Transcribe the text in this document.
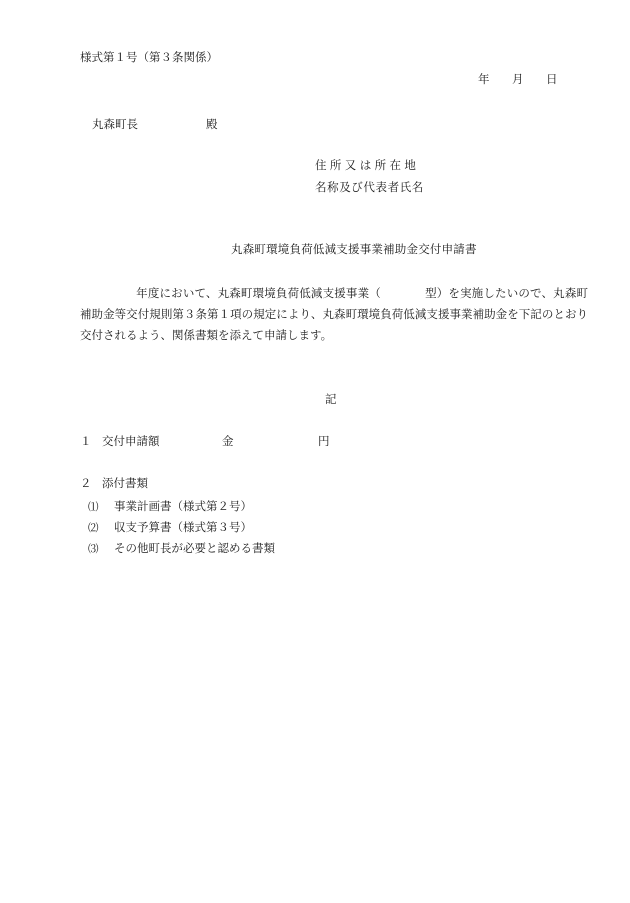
様式第１号（第３条関係）
年 月 日
丸森町長	殿
住所又は所在地
名称及び代表者氏名
丸森町環境負荷低減支援事業補助金交付申請書
年度において、丸森町環境負荷低減支援事業（	型）を実施したいので、丸森町補助金等交付規則第３条第１項の規定により、丸森町環境負荷低減支援事業補助金を下記のとおり交付されるよう、関係書類を添えて申請します。
記
１ 交付申請額	金	円
２ 添付書類
⑴ 事業計画書（様式第２号）
⑵ 収支予算書（様式第３号）
⑶ その他町長が必要と認める書類
